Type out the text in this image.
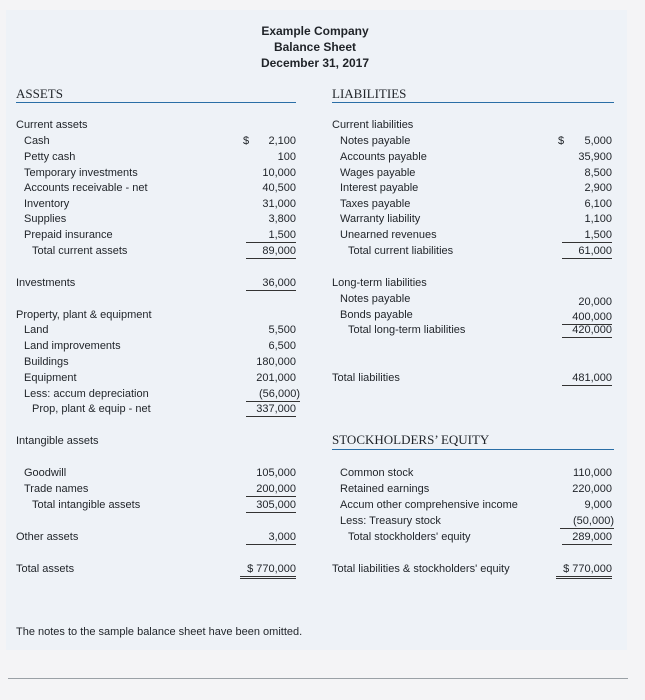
Example Company
Balance Sheet
December 31, 2017
ASSETS
Current assets
Cash	$	2,100
Petty cash	100
Temporary investments	10,000
Accounts receivable - net	40,500
Inventory	31,000
Supplies	3,800
Prepaid insurance	1,500
Total current assets	89,000
Investments	36,000
Property, plant & equipment
Land	5,500
Land improvements	6,500
Buildings	180,000
Equipment	201,000
Less: accum depreciation	(56,000)
Prop, plant & equip - net	337,000
Intangible assets
Goodwill	105,000
Trade names	200,000
Total intangible assets	305,000
Other assets	3,000
Total assets	$ 770,000
LIABILITIES
Current liabilities
Notes payable	$	5,000
Accounts payable	35,900
Wages payable	8,500
Interest payable	2,900
Taxes payable	6,100
Warranty liability	1,100
Unearned revenues	1,500
Total current liabilities	61,000
Long-term liabilities
Notes payable	20,000
Bonds payable	400,000
Total long-term liabilities	420,000
Total liabilities	481,000
STOCKHOLDERS’ EQUITY
Common stock	110,000
Retained earnings	220,000
Accum other comprehensive income	9,000
Less: Treasury stock	(50,000)
Total stockholders' equity	289,000
Total liabilities & stockholders' equity	$ 770,000
The notes to the sample balance sheet have been omitted.
